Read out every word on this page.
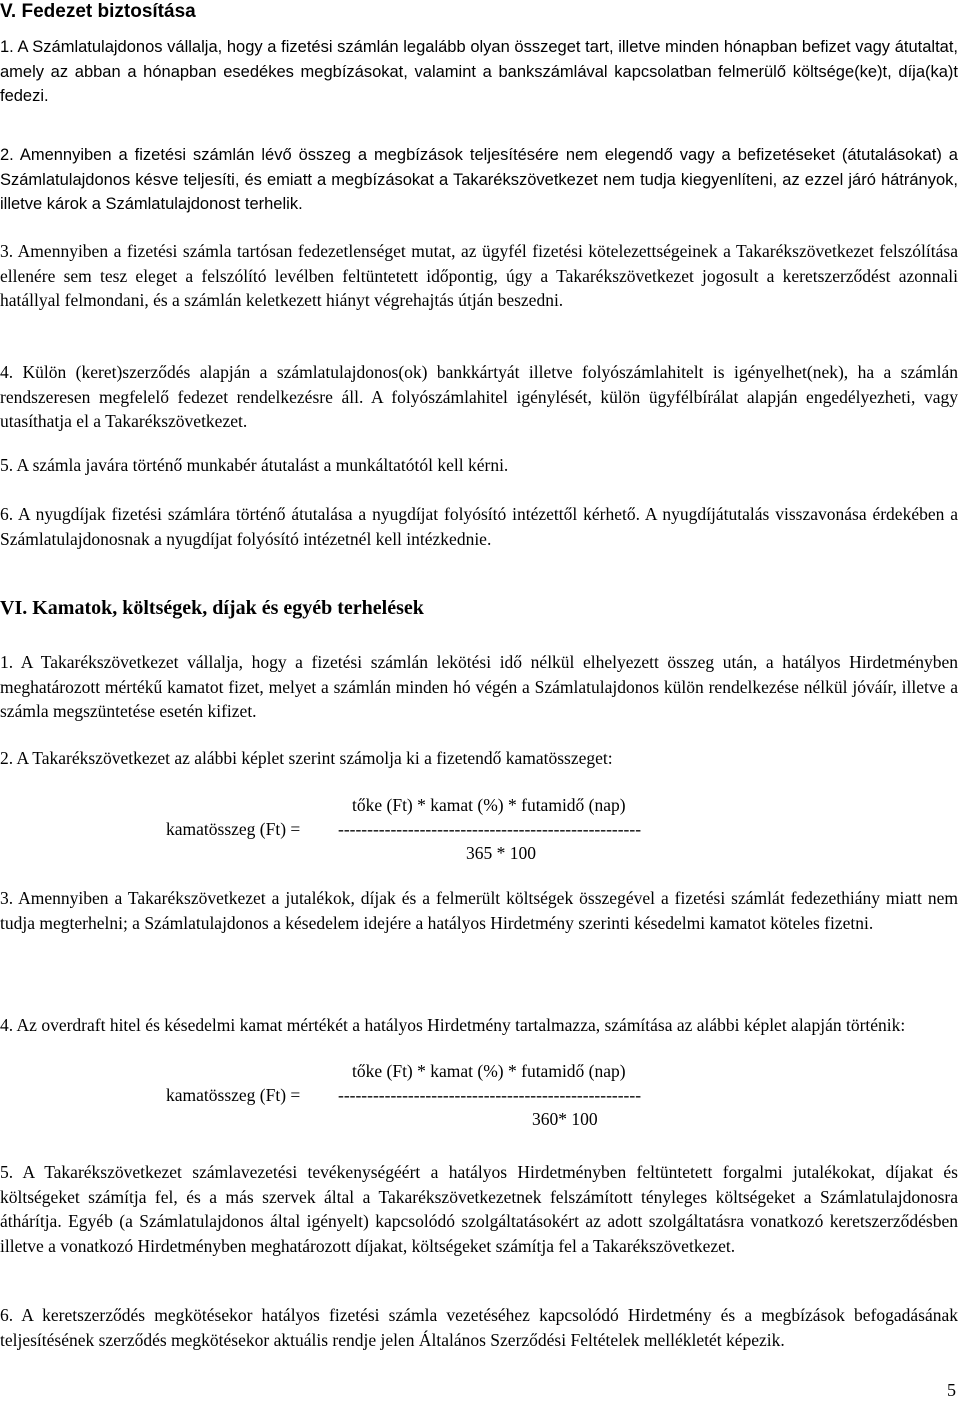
V. Fedezet biztosítása
1. A Számlatulajdonos vállalja, hogy a fizetési számlán legalább olyan összeget tart, illetve minden hónapban befizet vagy átutaltat, amely az abban a hónapban esedékes megbízásokat, valamint a bankszámlával kapcsolatban felmerülő költsége(ke)t, díja(ka)t fedezi.
2. Amennyiben a fizetési számlán lévő összeg a megbízások teljesítésére nem elegendő vagy a befizetéseket (átutalásokat) a Számlatulajdonos késve teljesíti, és emiatt a megbízásokat a Takarékszövetkezet nem tudja kiegyenlíteni, az ezzel járó hátrányok, illetve károk a Számlatulajdonost terhelik.
3. Amennyiben a fizetési számla tartósan fedezetlenséget mutat, az ügyfél fizetési kötelezettségeinek a Takarékszövetkezet felszólítása ellenére sem tesz eleget a felszólító levélben feltüntetett időpontig, úgy a Takarékszövetkezet jogosult a keretszerződést azonnali hatállyal felmondani, és a számlán keletkezett hiányt végrehajtás útján beszedni.
4. Külön (keret)szerződés alapján a számlatulajdonos(ok) bankkártyát illetve folyószámlahitelt is igényelhet(nek), ha a számlán rendszeresen megfelelő fedezet rendelkezésre áll. A folyószámlahitel igénylését, külön ügyfélbírálat alapján engedélyezheti, vagy utasíthatja el a Takarékszövetkezet.
5. A számla javára történő munkabér átutalást a munkáltatótól kell kérni.
6. A nyugdíjak fizetési számlára történő átutalása a nyugdíjat folyósító intézettől kérhető. A nyugdíjátutalás visszavonása érdekében a Számlatulajdonosnak a nyugdíjat folyósító intézetnél kell intézkednie.
VI. Kamatok, költségek, díjak és egyéb terhelések
1. A Takarékszövetkezet vállalja, hogy a fizetési számlán lekötési idő nélkül elhelyezett összeg után, a hatályos Hirdetményben meghatározott mértékű kamatot fizet, melyet a számlán minden hó végén a Számlatulajdonos külön rendelkezése nélkül jóváír, illetve a számla megszüntetése esetén kifizet.
2. A Takarékszövetkezet az alábbi képlet szerint számolja ki a fizetendő kamatösszeget:
tőke (Ft) * kamat (%) * futamidő (nap)
kamatösszeg (Ft) = ----------------------------------------------------
365 * 100
3. Amennyiben a Takarékszövetkezet a jutalékok, díjak és a felmerült költségek összegével a fizetési számlát fedezethiány miatt nem tudja megterhelni; a Számlatulajdonos a késedelem idejére a hatályos Hirdetmény szerinti késedelmi kamatot köteles fizetni.
4. Az overdraft hitel és késedelmi kamat mértékét a hatályos Hirdetmény tartalmazza, számítása az alábbi képlet alapján történik:
tőke (Ft) * kamat (%) * futamidő (nap)
kamatösszeg (Ft) = ----------------------------------------------------
360* 100
5. A Takarékszövetkezet számlavezetési tevékenységéért a hatályos Hirdetményben feltüntetett forgalmi jutalékokat, díjakat és költségeket számítja fel, és a más szervek által a Takarékszövetkezetnek felszámított tényleges költségeket a Számlatulajdonosra áthárítja. Egyéb (a Számlatulajdonos által igényelt) kapcsolódó szolgáltatásokért az adott szolgáltatásra vonatkozó keretszerződésben illetve a vonatkozó Hirdetményben meghatározott díjakat, költségeket számítja fel a Takarékszövetkezet.
6. A keretszerződés megkötésekor hatályos fizetési számla vezetéséhez kapcsolódó Hirdetmény és a megbízások befogadásának teljesítésének szerződés megkötésekor aktuális rendje jelen Általános Szerződési Feltételek mellékletét képezik.
5
